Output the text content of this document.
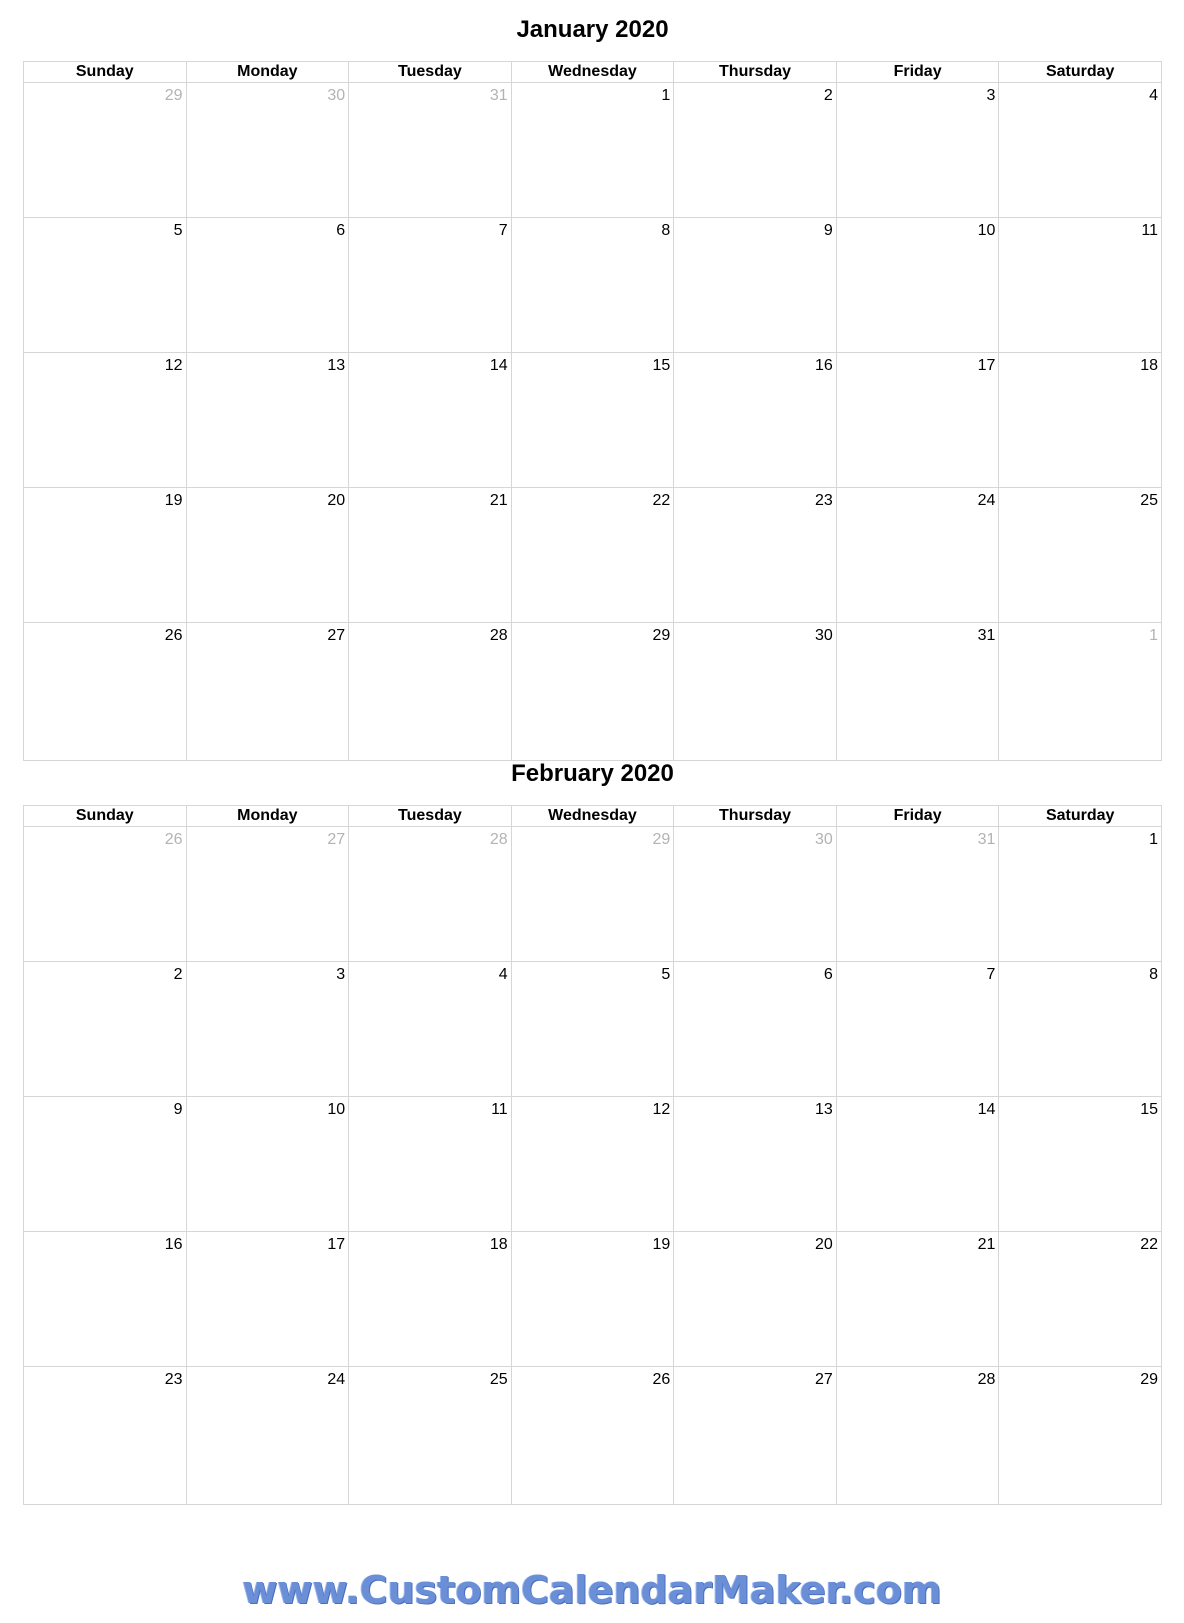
January 2020
Sunday	Monday	Tuesday	Wednesday	Thursday	Friday	Saturday

29	30	31	1	2	3	4

5	6	7	8	9	10	11

12	13	14	15	16	17	18

19	20	21	22	23	24	25

26	27	28	29	30	31	1
February 2020
Sunday	Monday	Tuesday	Wednesday	Thursday	Friday	Saturday

26	27	28	29	30	31	1

2	3	4	5	6	7	8

9	10	11	12	13	14	15

16	17	18	19	20	21	22

23	24	25	26	27	28	29
www.CustomCalendarMaker.com
